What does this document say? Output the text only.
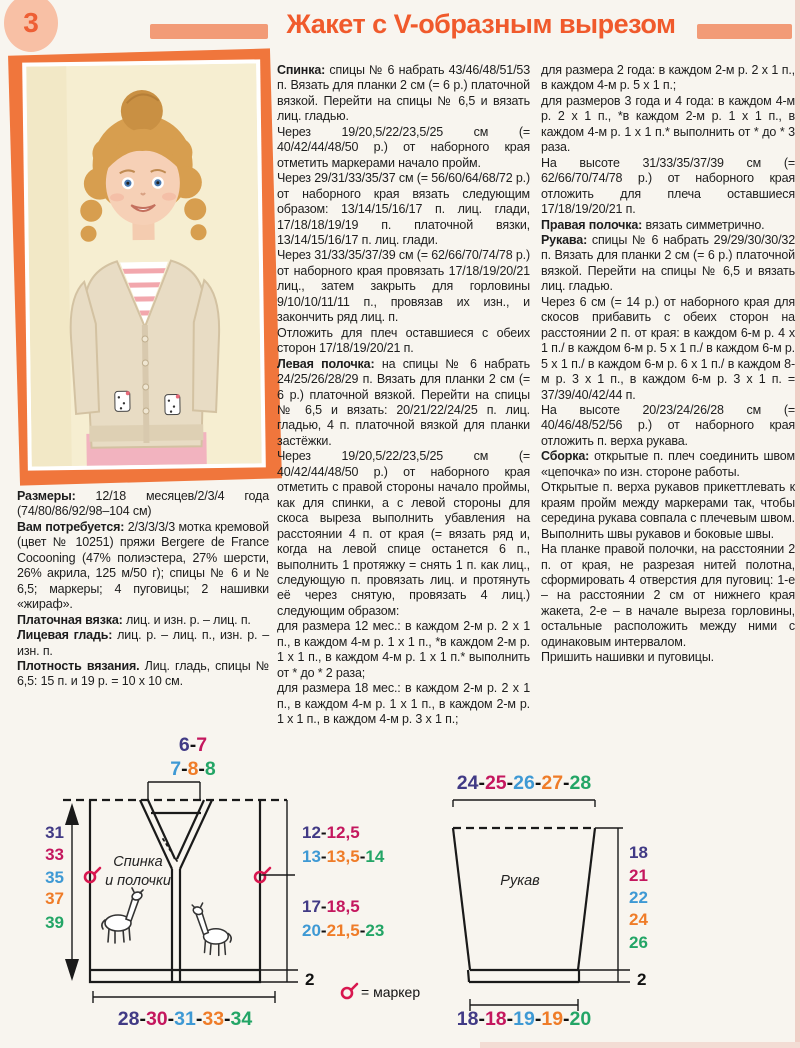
3	Жакет с V-образным вырезом

Размеры: 12/18 месяцев/2/3/4 года (74/80/86/92/98–104 см)

Вам потребуется: 2/3/3/3/3 мотка кремовой (цвет № 10251) пряжи Bergere de France Cocooning (47% полиэстера, 27% шерсти, 26% акрила, 125 м/50 г); спицы № 6 и № 6,5; маркеры; 4 пуговицы; 2 нашивки «жираф».

Платочная вязка: лиц. и изн. р. – лиц. п.

Лицевая гладь: лиц. р. – лиц. п., изн. р. – изн. п.

Плотность вязания. Лиц. гладь, спицы № 6,5: 15 п. и 19 р. = 10 х 10 см.

Спинка: спицы № 6 набрать 43/46/48/51/53 п. Вязать для планки 2 см (= 6 р.) платочной вязкой. Перейти на спицы № 6,5 и вязать лиц. гладью.

Через 19/20,5/22/23,5/25 см (= 40/42/44/48/50 р.) от наборного края отметить маркерами начало пройм.

Через 29/31/33/35/37 см (= 56/60/64/68/72 р.) от наборного края вязать следующим образом: 13/14/15/16/17 п. лиц. глади, 17/18/18/19/19 п. платочной вязки, 13/14/15/16/17 п. лиц. глади.

Через 31/33/35/37/39 см (= 62/66/70/74/78 р.) от наборного края провязать 17/18/19/20/21 лиц., затем закрыть для горловины 9/10/10/11/11 п., провязав их изн., и закончить ряд лиц. п.

Отложить для плеч оставшиеся с обеих сторон 17/18/19/20/21 п.

Левая полочка: на спицы № 6 набрать 24/25/26/28/29 п. Вязать для планки 2 см (= 6 р.) платочной вязкой. Перейти на спицы № 6,5 и вязать: 20/21/22/24/25 п. лиц. гладью, 4 п. платочной вязкой для планки застёжки.

Через 19/20,5/22/23,5/25 см (= 40/42/44/48/50 р.) от наборного края отметить с правой стороны начало проймы, как для спинки, а с левой стороны для скоса выреза выполнить убавления на расстоянии 4 п. от края (= вязать ряд и, когда на левой спице останется 6 п., выполнить 1 протяжку = снять 1 п. как лиц., следующую п. провязать лиц. и протянуть её через снятую, провязать 4 лиц.) следующим образом:

для размера 12 мес.: в каждом 2-м р. 2 х 1 п., в каждом 4-м р. 1 х 1 п., *в каждом 2-м р. 1 х 1 п., в каждом 4-м р. 1 х 1 п.* выполнить от * до * 2 раза;

для размера 18 мес.: в каждом 2-м р. 2 х 1 п., в каждом 4-м р. 1 х 1 п., в каждом 2-м р. 1 х 1 п., в каждом 4-м р. 3 х 1 п.;

для размера 2 года: в каждом 2-м р. 2 х 1 п., в каждом 4-м р. 5 х 1 п.;

для размеров 3 года и 4 года: в каждом 4-м р. 2 х 1 п., *в каждом 2-м р. 1 х 1 п., в каждом 4-м р. 1 х 1 п.* выполнить от * до * 3 раза.

На высоте 31/33/35/37/39 см (= 62/66/70/74/78 р.) от наборного края отложить для плеча оставшиеся 17/18/19/20/21 п.

Правая полочка: вязать симметрично.

Рукава: спицы № 6 набрать 29/29/30/30/32 п. Вязать для планки 2 см (= 6 р.) платочной вязкой. Перейти на спицы № 6,5 и вязать лиц. гладью.

Через 6 см (= 14 р.) от наборного края для скосов прибавить с обеих сторон на расстоянии 2 п. от края: в каждом 6-м р. 4 х 1 п./ в каждом 6-м р. 5 х 1 п./ в каждом 6-м р. 5 х 1 п./ в каждом 6-м р. 6 х 1 п./ в каждом 8-м р. 3 х 1 п., в каждом 6-м р. 3 х 1 п. = 37/39/40/42/44 п.

На высоте 20/23/24/26/28 см (= 40/46/48/52/56 р.) от наборного края отложить п. верха рукава.

Сборка: открытые п. плеч соединить швом «цепочка» по изн. стороне работы.

Открытые п. верха рукавов прикеттлевать к краям пройм между маркерами так, чтобы середина рукава совпала с плечевым швом. Выполнить швы рукавов и боковые швы.

На планке правой полочки, на расстоянии 2 п. от края, не разрезая нитей полотна, сформировать 4 отверстия для пуговиц: 1-е – на расстоянии 2 см от нижнего края жакета, 2-е – в начале выреза горловины, остальные расположить между ними с одинаковым интервалом.

Пришить нашивки и пуговицы.

6-7
7-8-8
31
33
35
37
39
Спинка
и полочки
12-12,5
13-13,5-14
17-18,5
20-21,5-23
2
28-30-31-33-34
= маркер
24-25-26-27-28
Рукав
18
21
22
24
26
2
18-18-19-19-20
